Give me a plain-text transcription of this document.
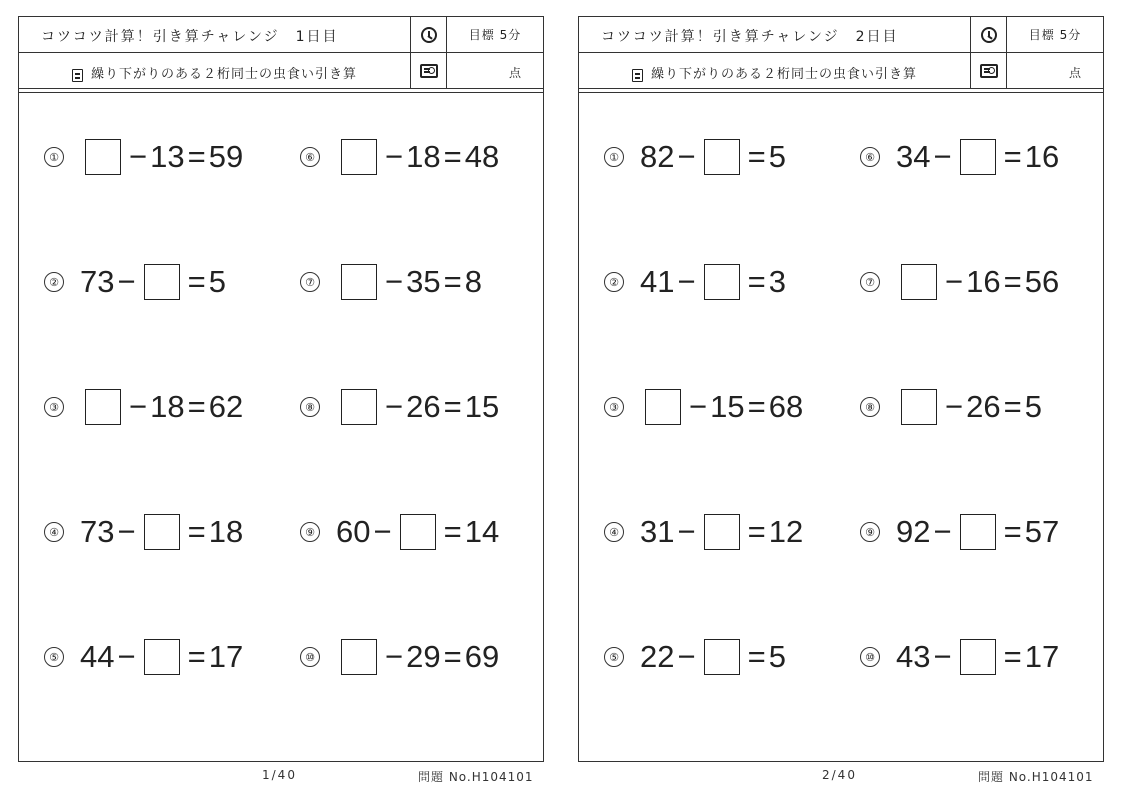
コツコツ計算！引き算チャレンジ　1日目	目標 5分
繰り下がりのある２桁同士の虫食い引き算	点
① − 13 = 59
② 73 − = 5
③ − 18 = 62
④ 73 − = 18
⑤ 44 − = 17
⑥ − 18 = 48
⑦ − 35 = 8
⑧ − 26 = 15
⑨ 60 − = 14
⑩ − 29 = 69
1/40	問題 No.H104101
コツコツ計算！引き算チャレンジ　2日目	目標 5分
繰り下がりのある２桁同士の虫食い引き算	点
① 82 − = 5
② 41 − = 3
③ − 15 = 68
④ 31 − = 12
⑤ 22 − = 5
⑥ 34 − = 16
⑦ − 16 = 56
⑧ − 26 = 5
⑨ 92 − = 57
⑩ 43 − = 17
2/40	問題 No.H104101
